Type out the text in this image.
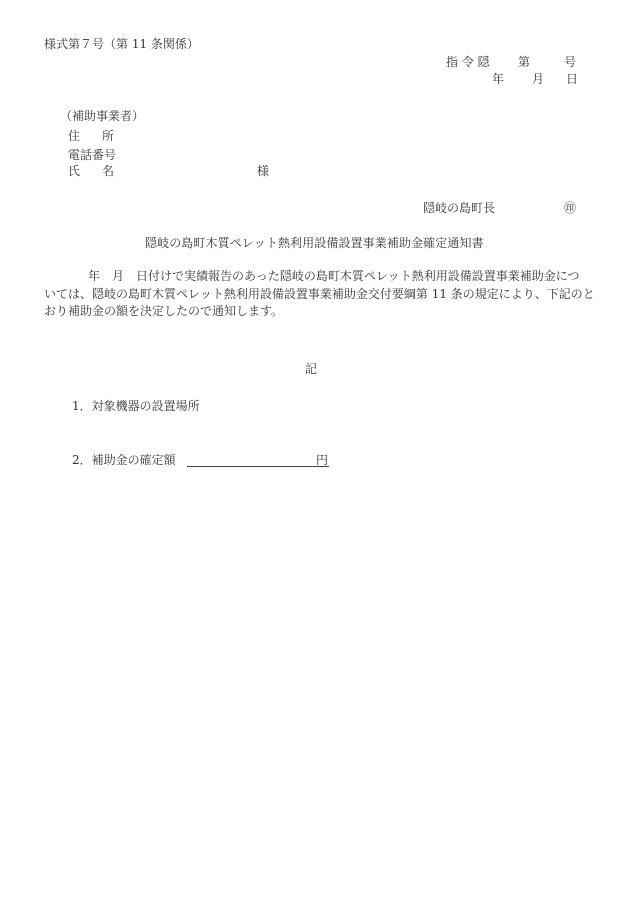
様式第７号（第 11 条関係）
指 令 隠 第	号
年 月 日
（補助事業者）
住 所
電話番号
氏 名	様
隠岐の島町長	㊞
隠岐の島町木質ペレット熱利用設備設置事業補助金確定通知書
年　月　日付けで実績報告のあった隠岐の島町木質ペレット熱利用設備設置事業補助金につ
いては、隠岐の島町木質ペレット熱利用設備設置事業補助金交付要綱第 11 条の規定により、下記のと
おり補助金の額を決定したので通知します。
記
1．対象機器の設置場所
2．補助金の確定額	円
